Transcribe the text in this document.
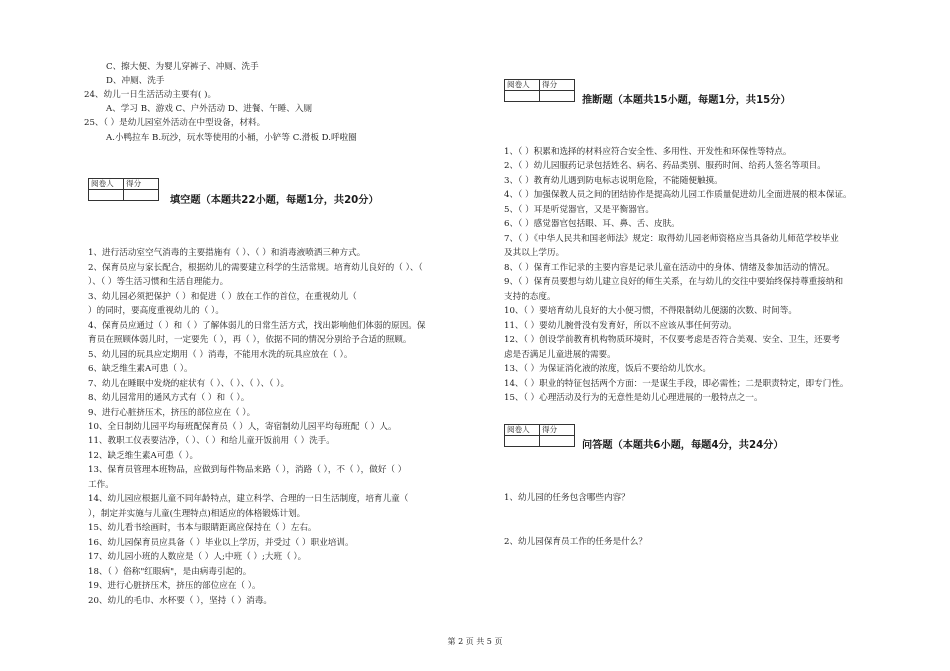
C、擦大便、为婴儿穿裤子、冲厕、洗手
D、冲厕、洗手
24、幼儿一日生活活动主要有( )。
A、学习 B、游戏 C、户外活动 D、进餐、午睡、入厕
25、（ ）是幼儿园室外活动在中型设备，材料。
A.小鸭拉车 B.玩沙，玩水等使用的小桶，小铲等 C.滑板 D.呼啦圈
阅卷人	得分

填空题（本题共22小题，每题1分，共20分）
1、进行活动室空气消毒的主要措施有（ ）、（ ）和消毒液喷洒三种方式。
2、保育员应与家长配合，根据幼儿的需要建立科学的生活常规。培育幼儿良好的（ ）、（
）、（ ）等生活习惯和生活自理能力。
3、幼儿园必须把保护（ ）和促进（ ）放在工作的首位，在重视幼儿（
）的同时，要高度重视幼儿的（ ）。
4、保育员应通过（ ）和（ ）了解体弱儿的日常生活方式，找出影响他们体弱的原因。保
育员在照顾体弱儿时，一定要先（ ），再（ ），依据不同的情况分别给予合适的照顾。
5、幼儿园的玩具应定期用（ ）消毒，不能用水洗的玩具应放在（ ）。
6、缺乏维生素A可患（ ）。
7、幼儿在睡眠中发烧的症状有（ ）、（ ）、（ ）、（ ）。
8、幼儿园常用的通风方式有（ ）和（ ）。
9、进行心脏挤压术，挤压的部位应在（ ）。
10、全日制幼儿园平均每班配保育员（ ）人，寄宿制幼儿园平均每班配（ ）人。
11、教职工仪表要洁净，（ ）、（ ）和给儿童开饭前用（ ）洗手。
12、缺乏维生素A可患（ ）。
13、保育员管理本班物品，应做到每件物品来路（ ），消路（ ），不（ ），做好（ ）
工作。
14、幼儿园应根据儿童不同年龄特点，建立科学、合理的一日生活制度，培育儿童（
），制定并实施与儿童(生理特点)相适应的体格锻炼计划。
15、幼儿看书绘画时，书本与眼睛距离应保持在（ ）左右。
16、幼儿园保育员应具备（ ）毕业以上学历，并受过（ ）职业培训。
17、幼儿园小班的人数应是（ ）人;中班（ ）;大班（ ）。
18、（ ）俗称"红眼病"，是由病毒引起的。
19、进行心脏挤压术，挤压的部位应在（ ）。
20、幼儿的毛巾、水杯要（ ），坚持（ ）消毒。
阅卷人	得分

推断题（本题共15小题，每题1分，共15分）
1、（ ）积累和选择的材料应符合安全性、多用性、开发性和环保性等特点。
2、（ ）幼儿园服药记录包括姓名、病名、药品类别、服药时间、给药人签名等项目。
3、（ ）教育幼儿遇到防电标志说明危险，不能随便触摸。
4、（ ）加强保教人员之间的团结协作是提高幼儿园工作质量促进幼儿全面进展的根本保证。
5、（ ）耳是听觉器官，又是平衡器官。
6、（ ）感觉器官包括眼、耳、鼻、舌、皮肤。
7、（ ）《中华人民共和国老师法》规定：取得幼儿园老师资格应当具备幼儿师范学校毕业
及其以上学历。
8、（ ）保育工作记录的主要内容是记录儿童在活动中的身体、情绪及参加活动的情况。
9、（ ）保育员要想与幼儿建立良好的师生关系，在与幼儿的交往中要始终保持尊重接纳和
支持的态度。
10、（ ）要培育幼儿良好的大小便习惯，不得限制幼儿便溺的次数、时间等。
11、（ ）要幼儿腕骨没有发育好，所以不应该从事任何劳动。
12、（ ）创设学前教育机构物质环境时，不仅要考虑是否符合美观、安全、卫生，还要考
虑是否满足儿童进展的需要。
13、（ ）为保证消化液的浓度，饭后不要给幼儿饮水。
14、（ ）职业的特征包括两个方面：一是谋生手段，即必需性；二是职责特定，即专门性。
15、（ ）心理活动及行为的无意性是幼儿心理进展的一般特点之一。
阅卷人	得分

问答题（本题共6小题，每题4分，共24分）
1、幼儿园的任务包含哪些内容？
2、幼儿园保育员工作的任务是什么？
第 2 页 共 5 页
